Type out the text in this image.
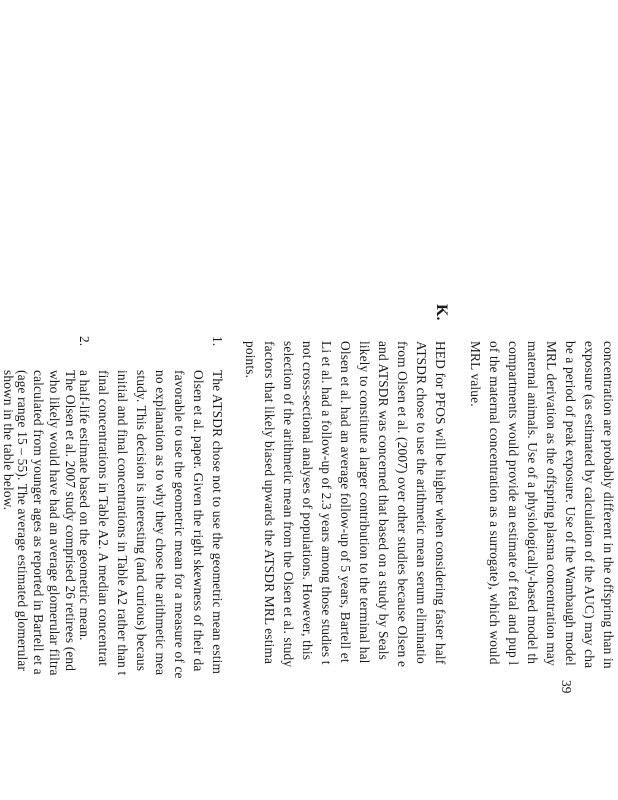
concentration are probably different in the offspring than in
exposure (as estimated by calculation of the AUC) may cha
be a period of peak exposure. Use of the Wambaugh model
MRL derivation as the offspring plasma concentration may
maternal animals. Use of a physiologically-based model th
compartments would provide an estimate of fetal and pup l
of the maternal concentration as a surrogate), which would
MRL value.
K.
HED for PFOS will be higher when considering faster half
ATSDR chose to use the arithmetic mean serum eliminatio
from Olsen et al. (2007) over other studies because Olsen e
and ATSDR was concerned that based on a study by Seals
likely to constitute a larger contribution to the terminal hal
Olsen et al. had an average follow-up of 5 years, Bartell et
Li et al. had a follow-up of 2.3 years among those studies t
not cross-sectional analyses of populations. However, this
selection of the arithmetic mean from the Olsen et al. study
factors that likely biased upwards the ATSDR MRL estima
points.
1.
The ATSDR chose not to use the geometric mean estim
Olsen et al. paper. Given the right skewness of their da
favorable to use the geometric mean for a measure of ce
no explanation as to why they chose the arithmetic mea
study. This decision is interesting (and curious) becaus
initial and final concentrations in Table A2 rather than t
final concentrations in Table A2. A median concentrat
a half-life estimate based on the geometric mean.
2.
The Olsen et al. 2007 study comprised 26 retirees (end
who likely would have had an average glomerular filtra
calculated from younger ages as reported in Bartell et a
(age range 15 – 55). The average estimated glomerular
shown in the table below.
39
